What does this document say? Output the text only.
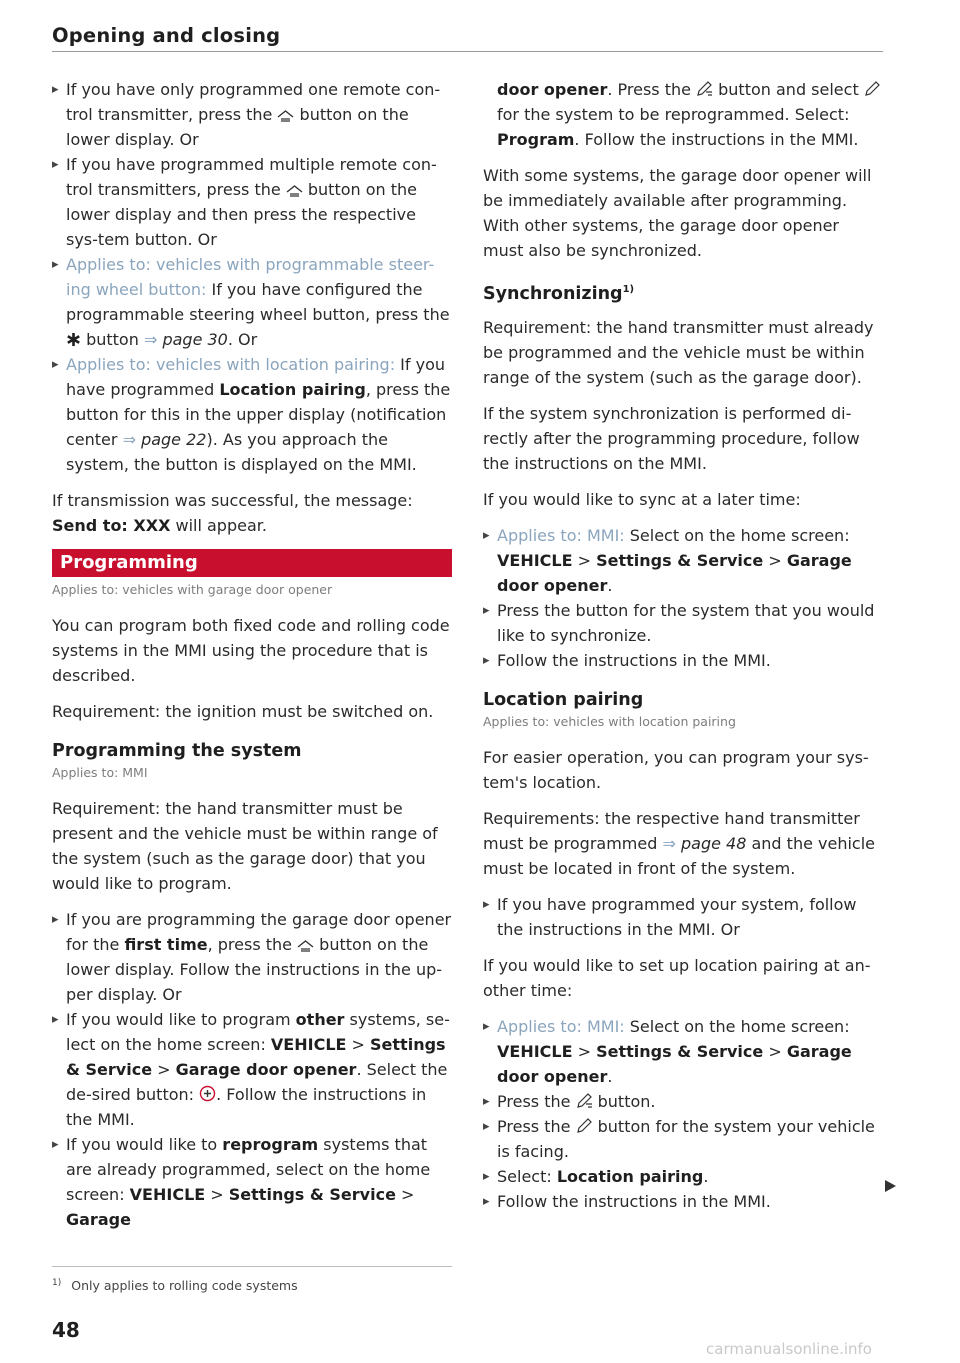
Opening and closing
▸ If you have only programmed one remote con-trol transmitter, press the  button on the lower display. Or
▸ If you have programmed multiple remote con-trol transmitters, press the  button on the lower display and then press the respective sys-tem button. Or
▸ Applies to: vehicles with programmable steer-ing wheel button: If you have configured the programmable steering wheel button, press the  button ⇒ page 30. Or
▸ Applies to: vehicles with location pairing: If you have programmed Location pairing, press the button for this in the upper display (notification center ⇒ page 22). As you approach the system, the button is displayed on the MMI.

If transmission was successful, the message:
Send to: XXX will appear.

Programming
Applies to: vehicles with garage door opener

You can program both fixed code and rolling code systems in the MMI using the procedure that is described.

Requirement: the ignition must be switched on.

Programming the system
Applies to: MMI

Requirement: the hand transmitter must be present and the vehicle must be within range of the system (such as the garage door) that you would like to program.

▸ If you are programming the garage door opener for the first time, press the  button on the lower display. Follow the instructions in the up-per display. Or
▸ If you would like to program other systems, se-lect on the home screen: VEHICLE > Settings & Service > Garage door opener. Select the de-sired button: . Follow the instructions in the MMI.
▸ If you would like to reprogram systems that are already programmed, select on the home screen: VEHICLE > Settings & Service > Garage

door opener. Press the  button and select  for the system to be reprogrammed. Select: Program. Follow the instructions in the MMI.

With some systems, the garage door opener will be immediately available after programming. With other systems, the garage door opener must also be synchronized.

Synchronizing$^{1)}$

Requirement: the hand transmitter must already be programmed and the vehicle must be within range of the system (such as the garage door).

If the system synchronization is performed di-rectly after the programming procedure, follow the instructions on the MMI.

If you would like to sync at a later time:

▸ Applies to: MMI: Select on the home screen: VEHICLE > Settings & Service > Garage door opener.
▸ Press the button for the system that you would like to synchronize.
▸ Follow the instructions in the MMI.
Location pairing
Applies to: vehicles with location pairing

For easier operation, you can program your sys-tem's location.

Requirements: the respective hand transmitter must be programmed ⇒ page 48 and the vehicle must be located in front of the system.

▸ If you have programmed your system, follow the instructions in the MMI. Or

If you would like to set up location pairing at an-other time:

▸ Applies to: MMI: Select on the home screen: VEHICLE > Settings & Service > Garage door opener.
▸ Press the  button.
▸ Press the  button for the system your vehicle is facing.
▸ Select: Location pairing.
▸ Follow the instructions in the MMI.
$^{1)}$ Only applies to rolling code systems
48
carmanualsonline.info
